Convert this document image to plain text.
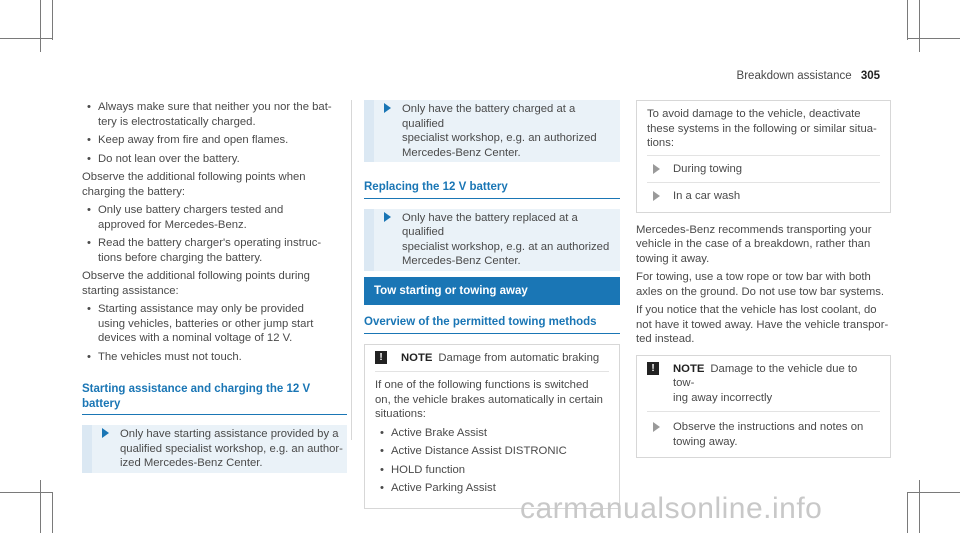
Breakdown assistance 305
• Always make sure that neither you nor the bat-
tery is electrostatically charged.
• Keep away from fire and open flames.
• Do not lean over the battery.

Observe the additional following points when
charging the battery:

• Only use battery chargers tested and
approved for Mercedes-Benz.
• Read the battery charger's operating instruc-
tions before charging the battery.

Observe the additional following points during
starting assistance:

• Starting assistance may only be provided
using vehicles, batteries or other jump start
devices with a nominal voltage of 12 V.
• The vehicles must not touch.
Starting assistance and charging the 12 V battery
Only have starting assistance provided by a
qualified specialist workshop, e.g. an author-
ized Mercedes-Benz Center.
Only have the battery charged at a qualified
specialist workshop, e.g. an authorized
Mercedes-Benz Center.
Replacing the 12 V battery
Only have the battery replaced at a qualified
specialist workshop, e.g. at an authorized
Mercedes-Benz Center.
Tow starting or towing away
Overview of the permitted towing methods
!	NOTE Damage from automatic braking

If one of the following functions is switched
on, the vehicle brakes automatically in certain
situations:

• Active Brake Assist
• Active Distance Assist DISTRONIC
• HOLD function
• Active Parking Assist

To avoid damage to the vehicle, deactivate
these systems in the following or similar situa-
tions:

During towing
In a car wash

Mercedes-Benz recommends transporting your
vehicle in the case of a breakdown, rather than
towing it away.

For towing, use a tow rope or tow bar with both
axles on the ground. Do not use tow bar systems.

If you notice that the vehicle has lost coolant, do
not have it towed away. Have the vehicle transpor-
ted instead.

!	NOTE Damage to the vehicle due to tow-
ing away incorrectly
Observe the instructions and notes on
towing away.
carmanualsonline.info
